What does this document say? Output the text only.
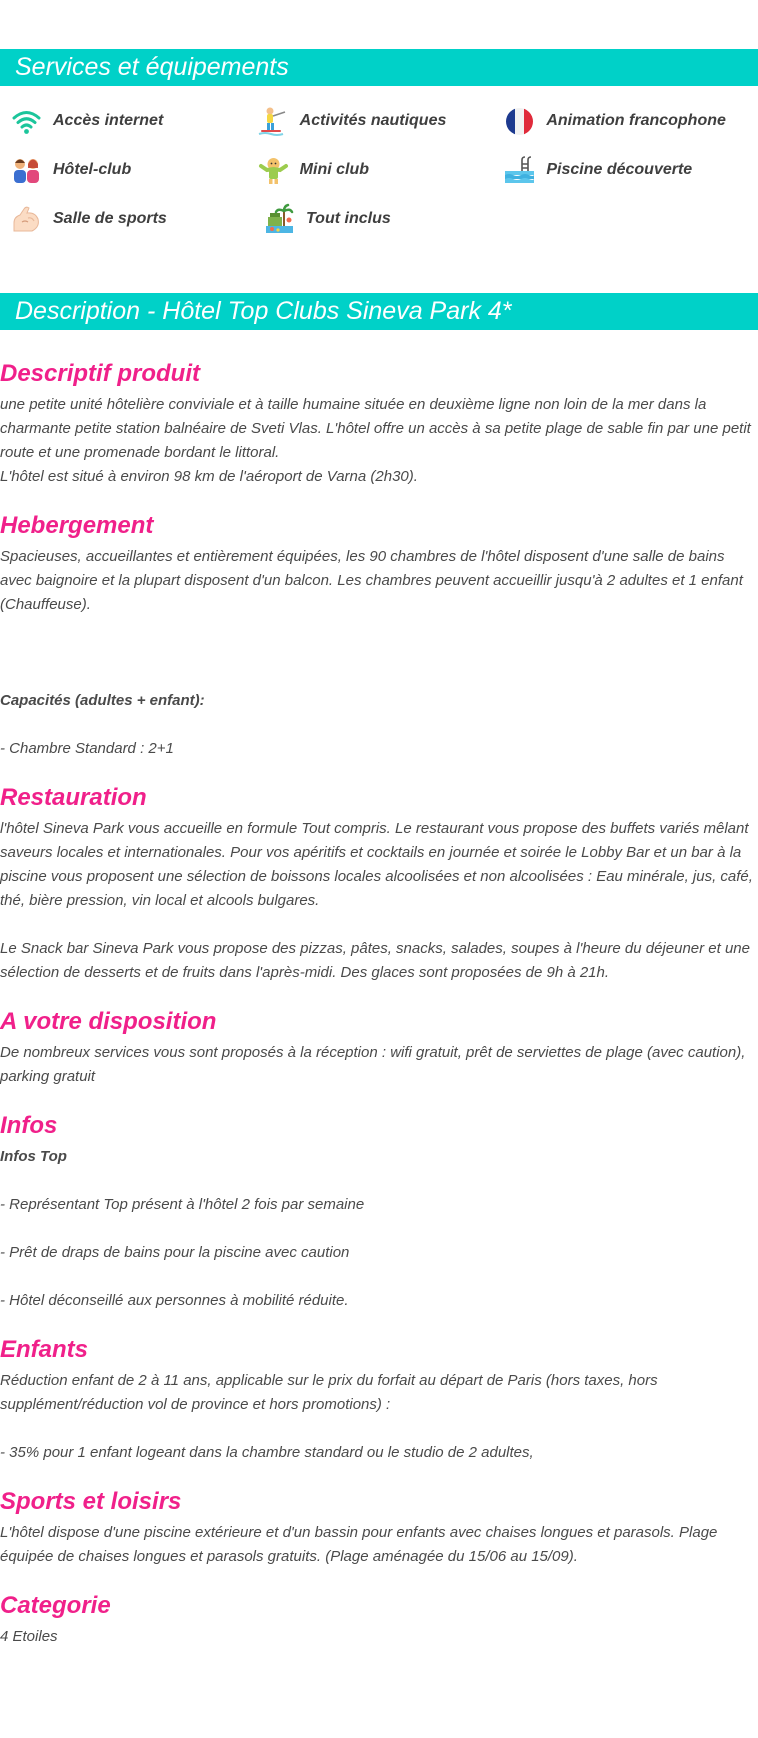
Services et équipements
Accès internet	Activités nautiques	Animation francophone
Hôtel-club	Mini club	Piscine découverte
Salle de sports	Tout inclus
Description - Hôtel Top Clubs Sineva Park 4*
Descriptif produit

une petite unité hôtelière conviviale et à taille humaine située en deuxième ligne non loin de la mer dans la charmante petite station balnéaire de Sveti Vlas. L'hôtel offre un accès à sa petite plage de sable fin par une petit route et une promenade bordant le littoral.

L'hôtel est situé à environ 98 km de l'aéroport de Varna (2h30).

Hebergement

Spacieuses, accueillantes et entièrement équipées, les 90 chambres de l'hôtel disposent d'une salle de bains avec baignoire et la plupart disposent d'un balcon. Les chambres peuvent accueillir jusqu'à 2 adultes et 1 enfant (Chauffeuse).

Capacités (adultes + enfant):

- Chambre Standard : 2+1

Restauration

l'hôtel Sineva Park vous accueille en formule Tout compris. Le restaurant vous propose des buffets variés mêlant saveurs locales et internationales. Pour vos apéritifs et cocktails en journée et soirée le Lobby Bar et un bar à la piscine vous proposent une sélection de boissons locales alcoolisées et non alcoolisées : Eau minérale, jus, café, thé, bière pression, vin local et alcools bulgares.

Le Snack bar Sineva Park vous propose des pizzas, pâtes, snacks, salades, soupes à l'heure du déjeuner et une sélection de desserts et de fruits dans l'après-midi. Des glaces sont proposées de 9h à 21h.

A votre disposition

De nombreux services vous sont proposés à la réception : wifi gratuit, prêt de serviettes de plage (avec caution), parking gratuit

Infos

Infos Top

- Représentant Top présent à l'hôtel 2 fois par semaine

- Prêt de draps de bains pour la piscine avec caution

- Hôtel déconseillé aux personnes à mobilité réduite.

Enfants

Réduction enfant de 2 à 11 ans, applicable sur le prix du forfait au départ de Paris (hors taxes, hors supplément/réduction vol de province et hors promotions) :

- 35% pour 1 enfant logeant dans la chambre standard ou le studio de 2 adultes,

Sports et loisirs

L'hôtel dispose d'une piscine extérieure et d'un bassin pour enfants avec chaises longues et parasols. Plage équipée de chaises longues et parasols gratuits. (Plage aménagée du 15/06 au 15/09).

Categorie

4 Etoiles
